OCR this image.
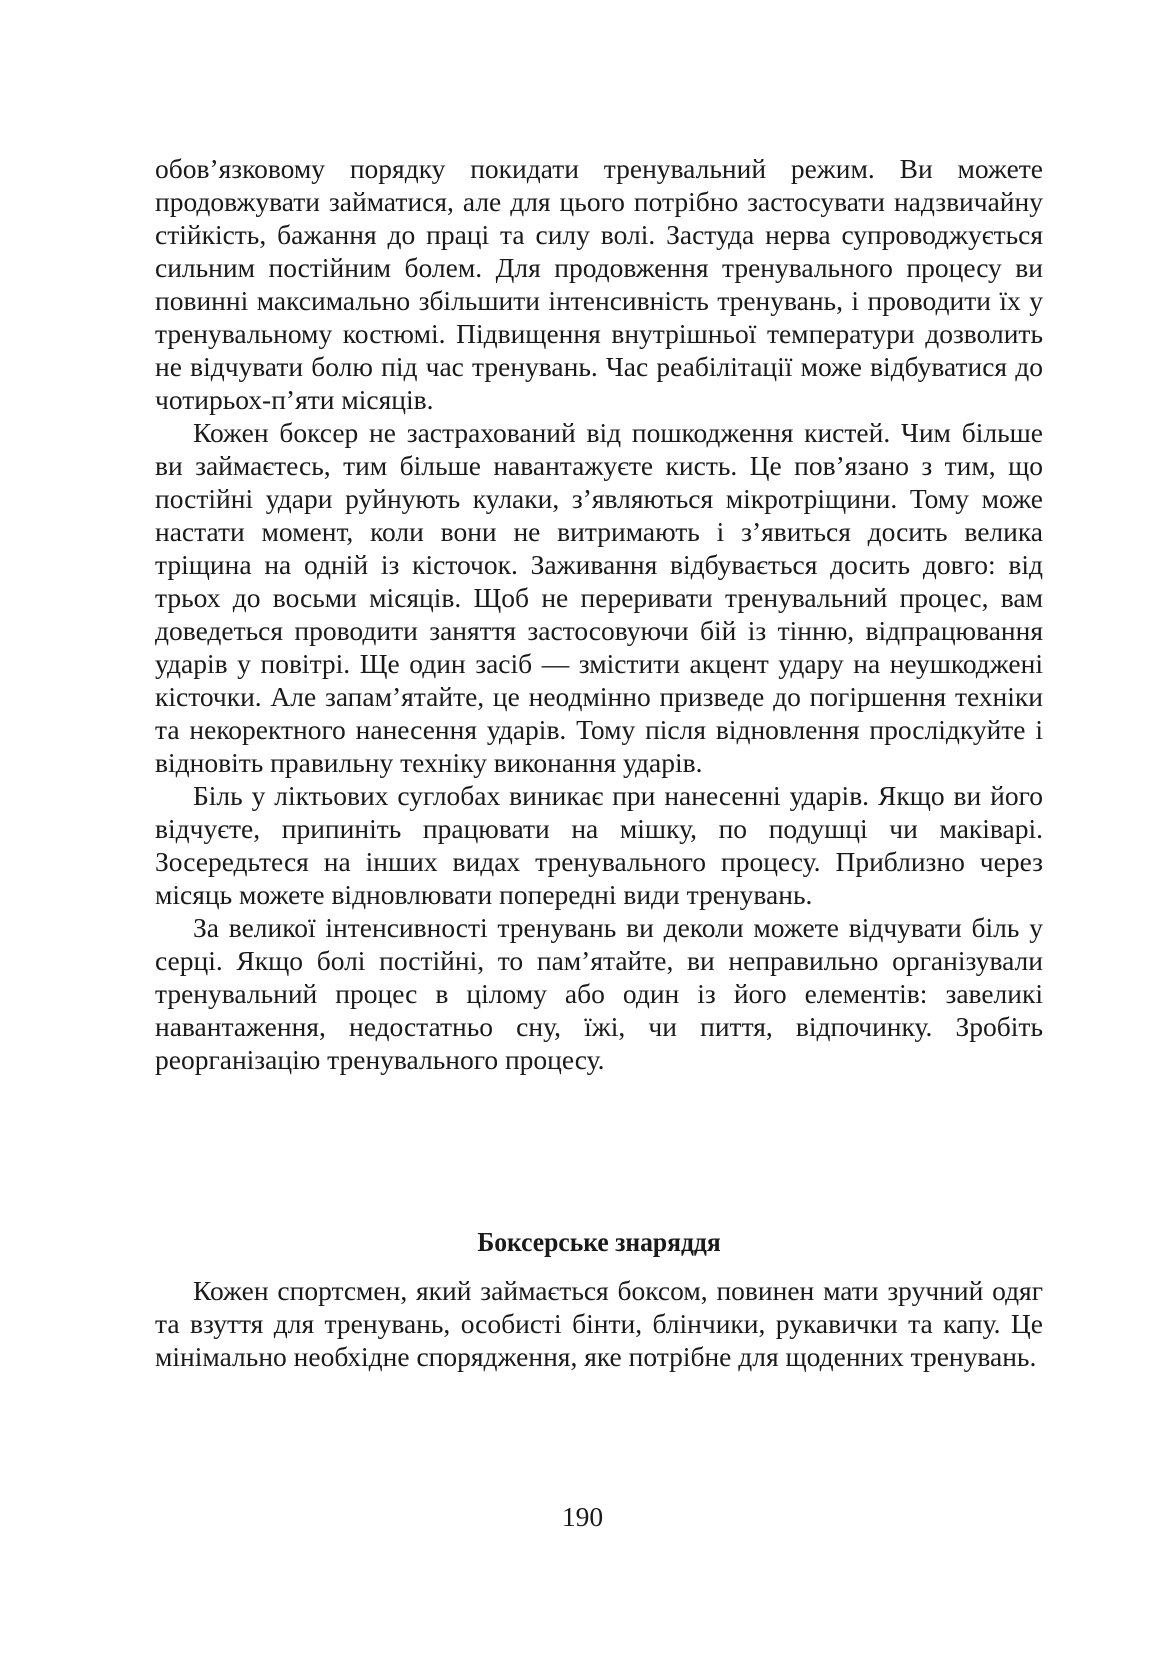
обов’язковому порядку покидати тренувальний режим. Ви можете продовжувати займатися, але для цього потрібно застосувати надзвичайну стійкість, бажання до праці та силу волі. Застуда нерва супроводжується сильним постійним болем. Для продовження тренувального процесу ви повинні максимально збільшити інтенсивність тренувань, і проводити їх у тренувальному костюмі. Підвищення внутрішньої температури дозволить не відчувати болю під час тренувань. Час реабілітації може відбуватися до чотирьох-п’яти місяців.

Кожен боксер не застрахований від пошкодження кистей. Чим більше ви займаєтесь, тим більше навантажуєте кисть. Це пов’язано з тим, що постійні удари руйнують кулаки, з’являються мікротріщини. Тому може настати момент, коли вони не витримають і з’явиться досить велика тріщина на одній із кісточок. Заживання відбувається досить довго: від трьох до восьми місяців. Щоб не переривати тренувальний процес, вам доведеться проводити заняття застосовуючи бій із тінню, відпрацювання ударів у повітрі. Ще один засіб — змістити акцент удару на неушкоджені кісточки. Але запам’ятайте, це неодмінно призведе до погіршення техніки та некоректного нанесення ударів. Тому після відновлення прослідкуйте і відновіть правильну техніку виконання ударів.

Біль у ліктьових суглобах виникає при нанесенні ударів. Якщо ви його відчуєте, припиніть працювати на мішку, по подушці чи маківарі. Зосередьтеся на інших видах тренувального процесу. Приблизно через місяць можете відновлювати попередні види тренувань.

За великої інтенсивності тренувань ви деколи можете відчувати біль у серці. Якщо болі постійні, то пам’ятайте, ви неправильно організували тренувальний процес в цілому або один із його елементів: завеликі навантаження, недостатньо сну, їжі, чи пиття, відпочинку. Зробіть реорганізацію тренувального процесу.

Боксерське знаряддя

Кожен спортсмен, який займається боксом, повинен мати зручний одяг та взуття для тренувань, особисті бінти, блінчики, рукавички та капу. Це мінімально необхідне спорядження, яке потрібне для щоденних тренувань.

190
